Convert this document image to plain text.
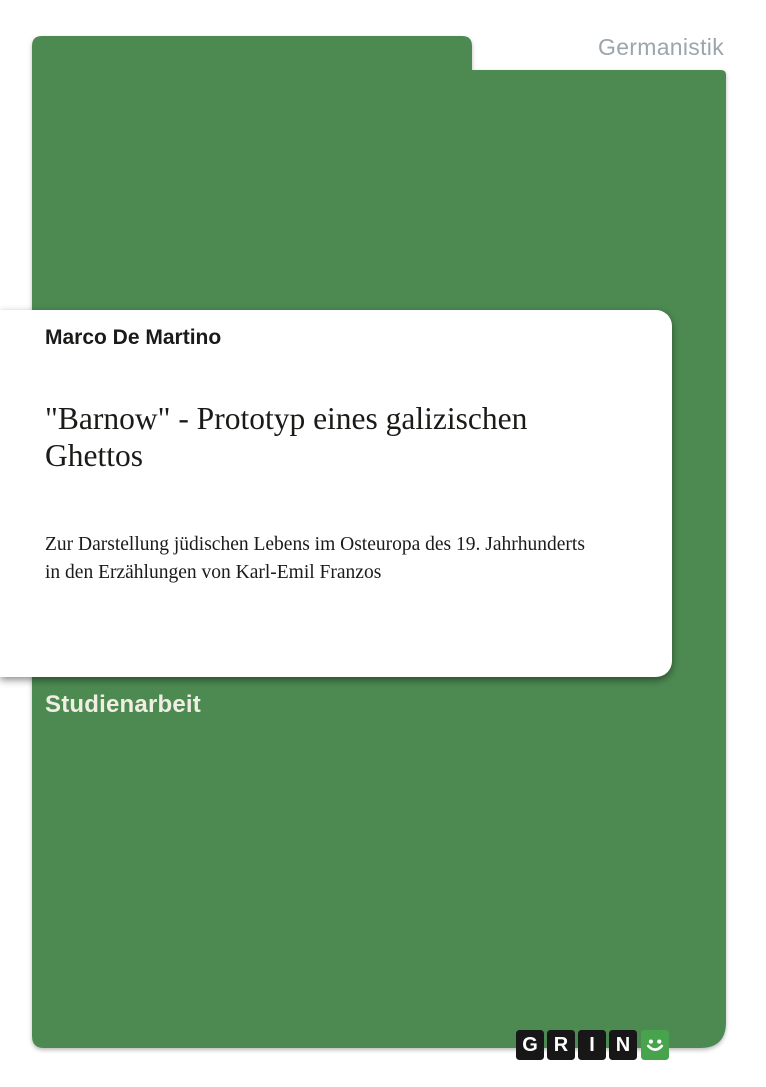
Germanistik
Marco De Martino
"Barnow" - Prototyp eines galizischen
Ghettos
Zur Darstellung jüdischen Lebens im Osteuropa des 19. Jahrhunderts
in den Erzählungen von Karl-Emil Franzos
Studienarbeit
G R	I	N
